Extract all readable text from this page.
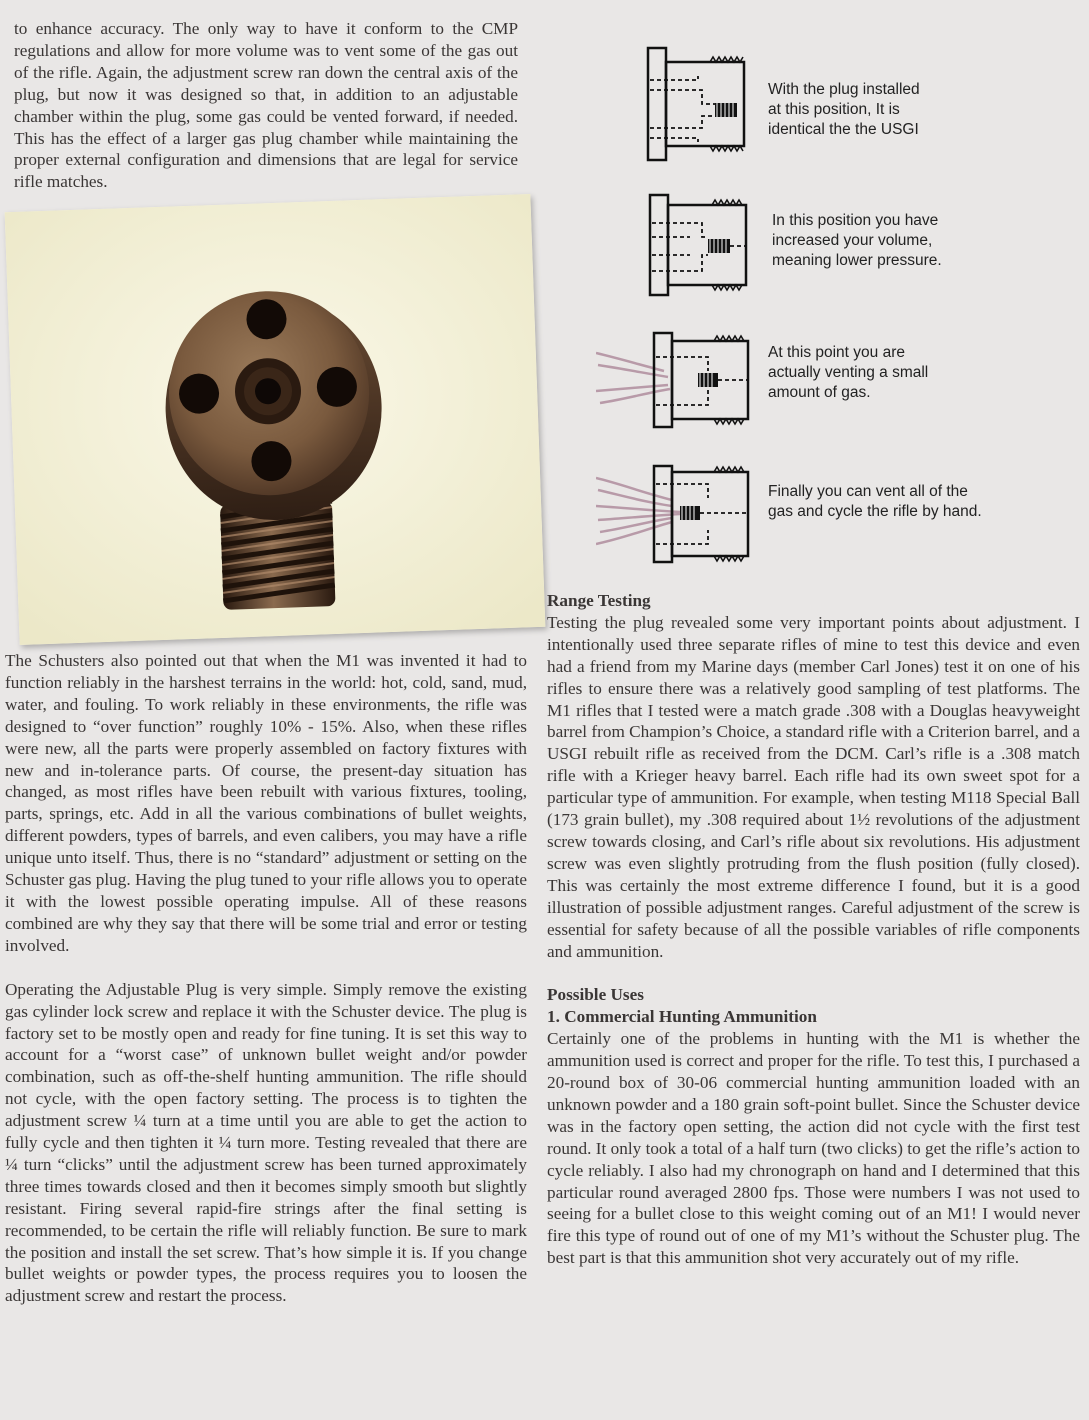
to enhance accuracy. The only way to have it conform to the CMP regulations and allow for more volume was to vent some of the gas out of the rifle. Again, the adjustment screw ran down the central axis of the plug, but now it was designed so that, in addition to an adjustable chamber within the plug, some gas could be vented forward, if needed. This has the effect of a larger gas plug chamber while maintaining the proper external configuration and dimensions that are legal for service rifle matches.

With the plug installed
at this position, It is
identical the the USGI
In this position you have
increased your volume,
meaning lower pressure.
At this point you are
actually venting a small
amount of gas.
Finally you can vent all of the
gas and cycle the rifle by hand.

The Schusters also pointed out that when the M1 was invented it had to function reliably in the harshest terrains in the world: hot, cold, sand, mud, water, and fouling. To work reliably in these environments, the rifle was designed to “over function” roughly 10% - 15%. Also, when these rifles were new, all the parts were properly assembled on factory fixtures with new and in-tolerance parts. Of course, the present-day situation has changed, as most rifles have been rebuilt with various fixtures, tooling, parts, springs, etc. Add in all the various combinations of bullet weights, different powders, types of barrels, and even calibers, you may have a rifle unique unto itself. Thus, there is no “standard” adjustment or setting on the Schuster gas plug. Having the plug tuned to your rifle allows you to operate it with the lowest possible operating impulse. All of these reasons combined are why they say that there will be some trial and error or testing involved.

Operating the Adjustable Plug is very simple. Simply remove the existing gas cylinder lock screw and replace it with the Schuster device. The plug is factory set to be mostly open and ready for fine tuning. It is set this way to account for a “worst case” of unknown bullet weight and/or powder combination, such as off-the-shelf hunting ammunition. The rifle should not cycle, with the open factory setting. The process is to tighten the adjustment screw ¼ turn at a time until you are able to get the action to fully cycle and then tighten it ¼ turn more. Testing revealed that there are ¼ turn “clicks” until the adjustment screw has been turned approximately three times towards closed and then it becomes simply smooth but slightly resistant. Firing several rapid-fire strings after the final setting is recommended, to be certain the rifle will reliably function. Be sure to mark the position and install the set screw. That’s how simple it is. If you change bullet weights or powder types, the process requires you to loosen the adjustment screw and restart the process.

Range Testing

Testing the plug revealed some very important points about adjustment. I intentionally used three separate rifles of mine to test this device and even had a friend from my Marine days (member Carl Jones) test it on one of his rifles to ensure there was a relatively good sampling of test platforms. The M1 rifles that I tested were a match grade .308 with a Douglas heavyweight barrel from Champion’s Choice, a standard rifle with a Criterion barrel, and a USGI rebuilt rifle as received from the DCM. Carl’s rifle is a .308 match rifle with a Krieger heavy barrel. Each rifle had its own sweet spot for a particular type of ammunition. For example, when testing M118 Special Ball (173 grain bullet), my .308 required about 1½ revolutions of the adjustment screw towards closing, and Carl’s rifle about six revolutions. His adjustment screw was even slightly protruding from the flush position (fully closed). This was certainly the most extreme difference I found, but it is a good illustration of possible adjustment ranges. Careful adjustment of the screw is essential for safety because of all the possible variables of rifle components and ammunition.

Possible Uses
1. Commercial Hunting Ammunition

Certainly one of the problems in hunting with the M1 is whether the ammunition used is correct and proper for the rifle. To test this, I purchased a 20-round box of 30-06 commercial hunting ammunition loaded with an unknown powder and a 180 grain soft-point bullet. Since the Schuster device was in the factory open setting, the action did not cycle with the first test round. It only took a total of a half turn (two clicks) to get the rifle’s action to cycle reliably. I also had my chronograph on hand and I determined that this particular round averaged 2800 fps. Those were numbers I was not used to seeing for a bullet close to this weight coming out of an M1! I would never fire this type of round out of one of my M1’s without the Schuster plug. The best part is that this ammunition shot very accurately out of my rifle.
